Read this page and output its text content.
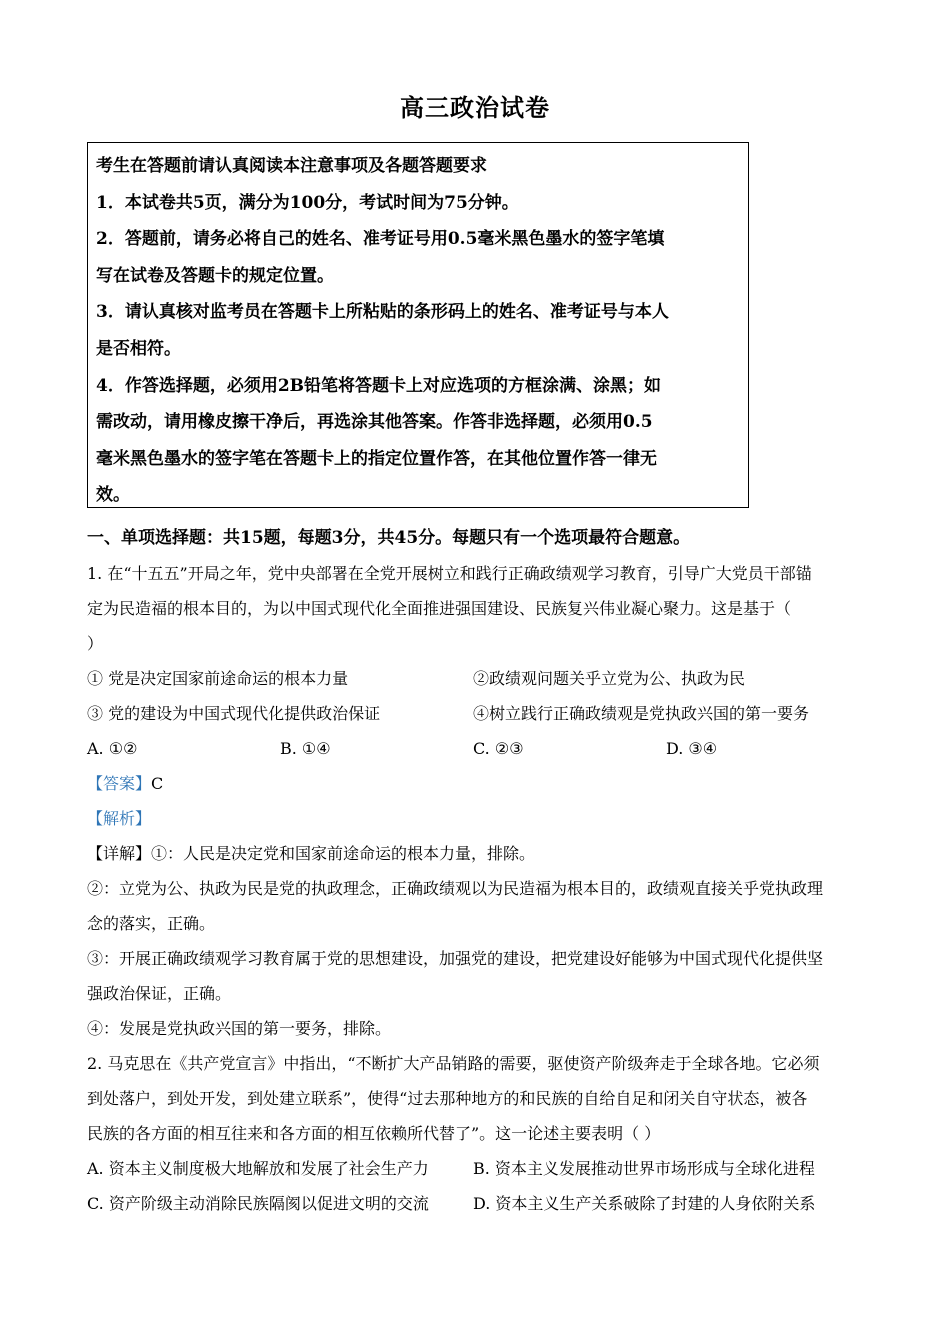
高三政治试卷
考生在答题前请认真阅读本注意事项及各题答题要求
1．本试卷共5页，满分为100分，考试时间为75分钟。
2．答题前，请务必将自己的姓名、准考证号用0.5毫米黑色墨水的签字笔填
写在试卷及答题卡的规定位置。
3．请认真核对监考员在答题卡上所粘贴的条形码上的姓名、准考证号与本人
是否相符。
4．作答选择题，必须用2B铅笔将答题卡上对应选项的方框涂满、涂黑；如
需改动，请用橡皮擦干净后，再选涂其他答案。作答非选择题，必须用0.5
毫米黑色墨水的签字笔在答题卡上的指定位置作答，在其他位置作答一律无
效。
一、单项选择题：共15题，每题3分，共45分。每题只有一个选项最符合题意。
1. 在“十五五”开局之年，党中央部署在全党开展树立和践行正确政绩观学习教育，引导广大党员干部锚
定为民造福的根本目的，为以中国式现代化全面推进强国建设、民族复兴伟业凝心聚力。这是基于（
）
① 党是决定国家前途命运的根本力量	②政绩观问题关乎立党为公、执政为民
③ 党的建设为中国式现代化提供政治保证	④树立践行正确政绩观是党执政兴国的第一要务
A. ①②	B. ①④	C. ②③	D. ③④
【答案】C
【解析】
【详解】①：人民是决定党和国家前途命运的根本力量，排除。
②：立党为公、执政为民是党的执政理念，正确政绩观以为民造福为根本目的，政绩观直接关乎党执政理
念的落实，正确。
③：开展正确政绩观学习教育属于党的思想建设，加强党的建设，把党建设好能够为中国式现代化提供坚
强政治保证，正确。
④：发展是党执政兴国的第一要务，排除。
2. 马克思在《共产党宣言》中指出，“不断扩大产品销路的需要，驱使资产阶级奔走于全球各地。它必须
到处落户，到处开发，到处建立联系”，使得“过去那种地方的和民族的自给自足和闭关自守状态，被各
民族的各方面的相互往来和各方面的相互依赖所代替了”。这一论述主要表明（ ）
A. 资本主义制度极大地解放和发展了社会生产力	B. 资本主义发展推动世界市场形成与全球化进程
C. 资产阶级主动消除民族隔阂以促进文明的交流	D. 资本主义生产关系破除了封建的人身依附关系
